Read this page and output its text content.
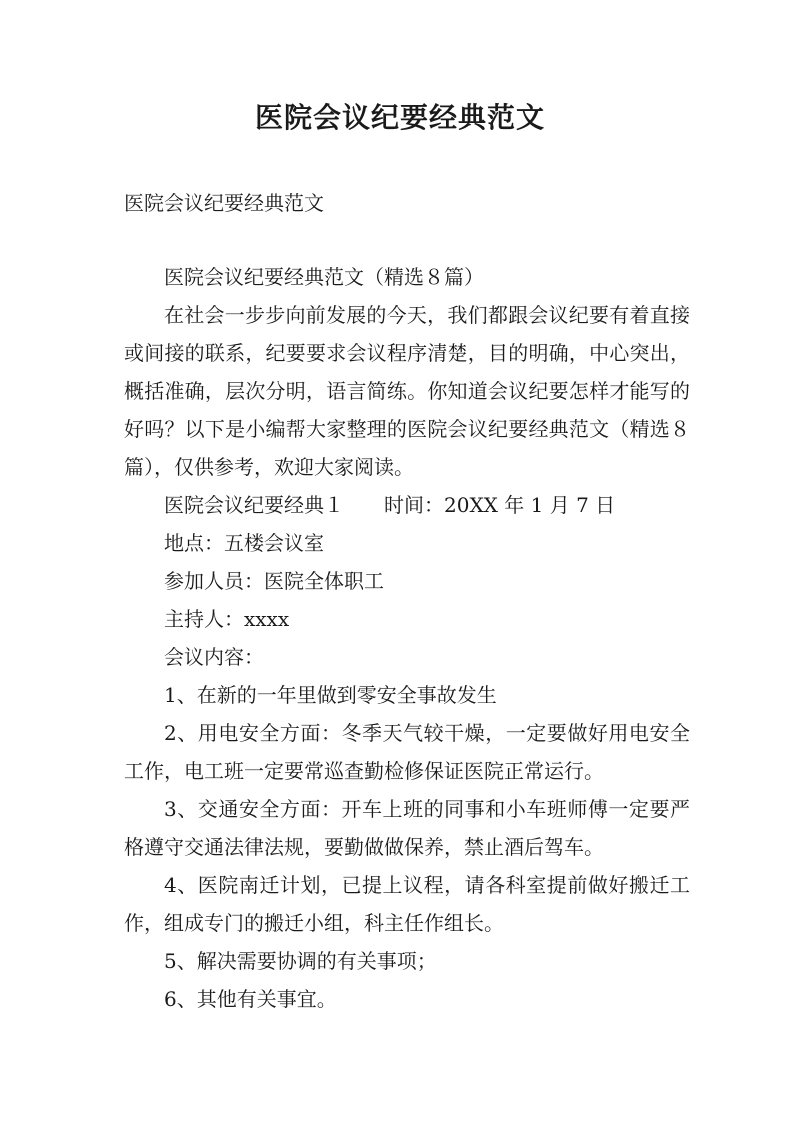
医院会议纪要经典范文

医院会议纪要经典范文

医院会议纪要经典范文（精选８篇）

在社会一步步向前发展的今天，我们都跟会议纪要有着直接或间接的联系，纪要要求会议程序清楚，目的明确，中心突出，概括准确，层次分明，语言简练。你知道会议纪要怎样才能写的好吗？以下是小编帮大家整理的医院会议纪要经典范文（精选８篇），仅供参考，欢迎大家阅读。

医院会议纪要经典１ 时间：20XX 年 1 月 7 日

地点：五楼会议室

参加人员：医院全体职工

主持人：xxxx

会议内容：

1、在新的一年里做到零安全事故发生

2、用电安全方面：冬季天气较干燥，一定要做好用电安全工作，电工班一定要常巡查勤检修保证医院正常运行。

3、交通安全方面：开车上班的同事和小车班师傅一定要严格遵守交通法律法规，要勤做做保养，禁止酒后驾车。

4、医院南迁计划，已提上议程，请各科室提前做好搬迁工作，组成专门的搬迁小组，科主任作组长。

5、解决需要协调的有关事项；

6、其他有关事宜。
